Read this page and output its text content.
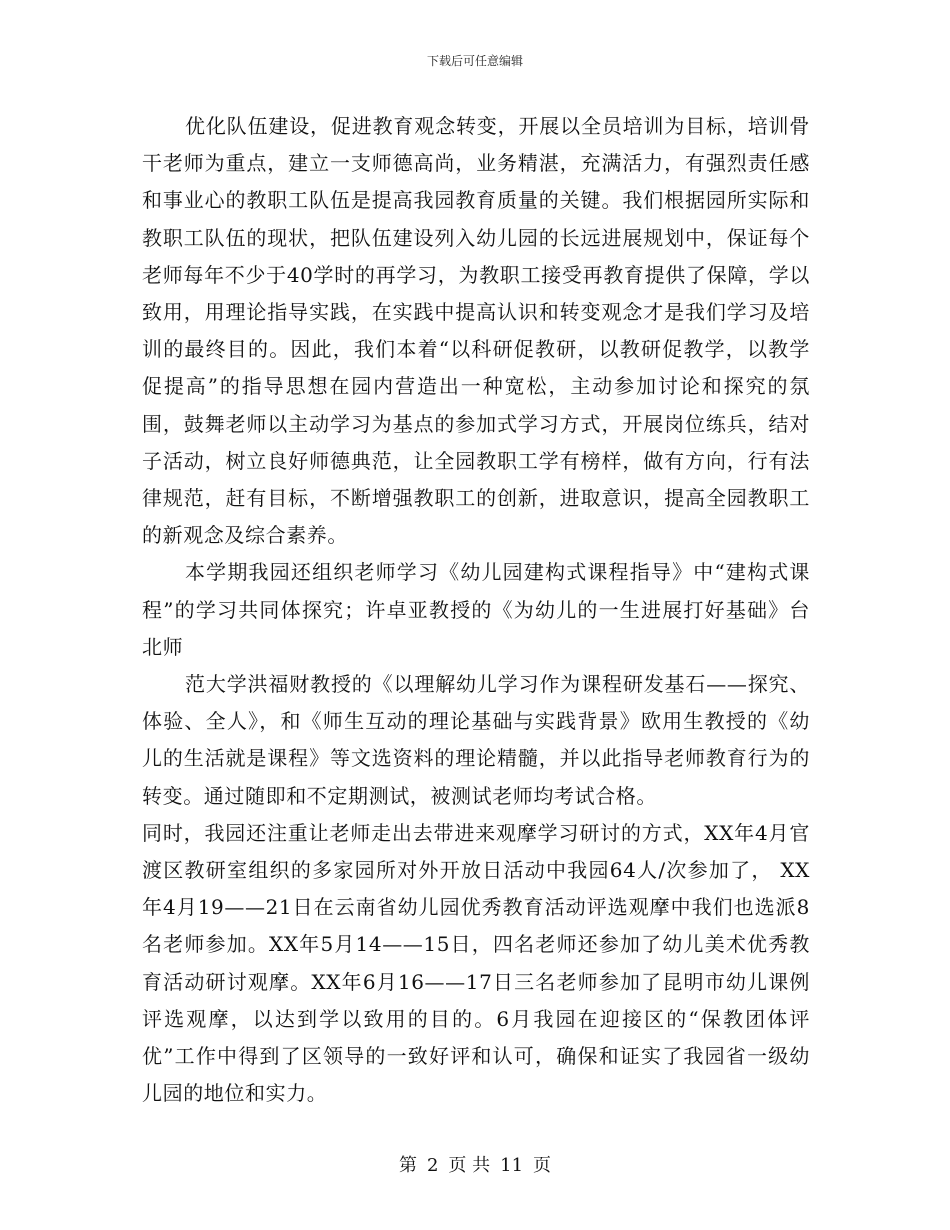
下载后可任意编辑

优化队伍建设，促进教育观念转变，开展以全员培训为目标，培训骨干老师为重点，建立一支师德高尚，业务精湛，充满活力，有强烈责任感和事业心的教职工队伍是提高我园教育质量的关键。我们根据园所实际和教职工队伍的现状，把队伍建设列入幼儿园的长远进展规划中，保证每个老师每年不少于40学时的再学习，为教职工接受再教育提供了保障，学以致用，用理论指导实践，在实践中提高认识和转变观念才是我们学习及培训的最终目的。因此，我们本着“以科研促教研，以教研促教学，以教学促提高”的指导思想在园内营造出一种宽松，主动参加讨论和探究的氛围，鼓舞老师以主动学习为基点的参加式学习方式，开展岗位练兵，结对子活动，树立良好师德典范，让全园教职工学有榜样，做有方向，行有法律规范，赶有目标，不断增强教职工的创新，进取意识，提高全园教职工的新观念及综合素养。

本学期我园还组织老师学习《幼儿园建构式课程指导》中“建构式课程”的学习共同体探究；许卓亚教授的《为幼儿的一生进展打好基础》台北师

范大学洪福财教授的《以理解幼儿学习作为课程研发基石——探究、体验、全人》，和《师生互动的理论基础与实践背景》欧用生教授的《幼儿的生活就是课程》等文选资料的理论精髓，并以此指导老师教育行为的转变。通过随即和不定期测试，被测试老师均考试合格。

同时，我园还注重让老师走出去带进来观摩学习研讨的方式，XX年4月官渡区教研室组织的多家园所对外开放日活动中我园64人/次参加了， XX年4月19——21日在云南省幼儿园优秀教育活动评选观摩中我们也选派8名老师参加。XX年5月14——15日，四名老师还参加了幼儿美术优秀教育活动研讨观摩。XX年6月16——17日三名老师参加了昆明市幼儿课例评选观摩，以达到学以致用的目的。6月我园在迎接区的“保教团体评优”工作中得到了区领导的一致好评和认可，确保和证实了我园省一级幼儿园的地位和实力。

第 2 页 共 11 页
